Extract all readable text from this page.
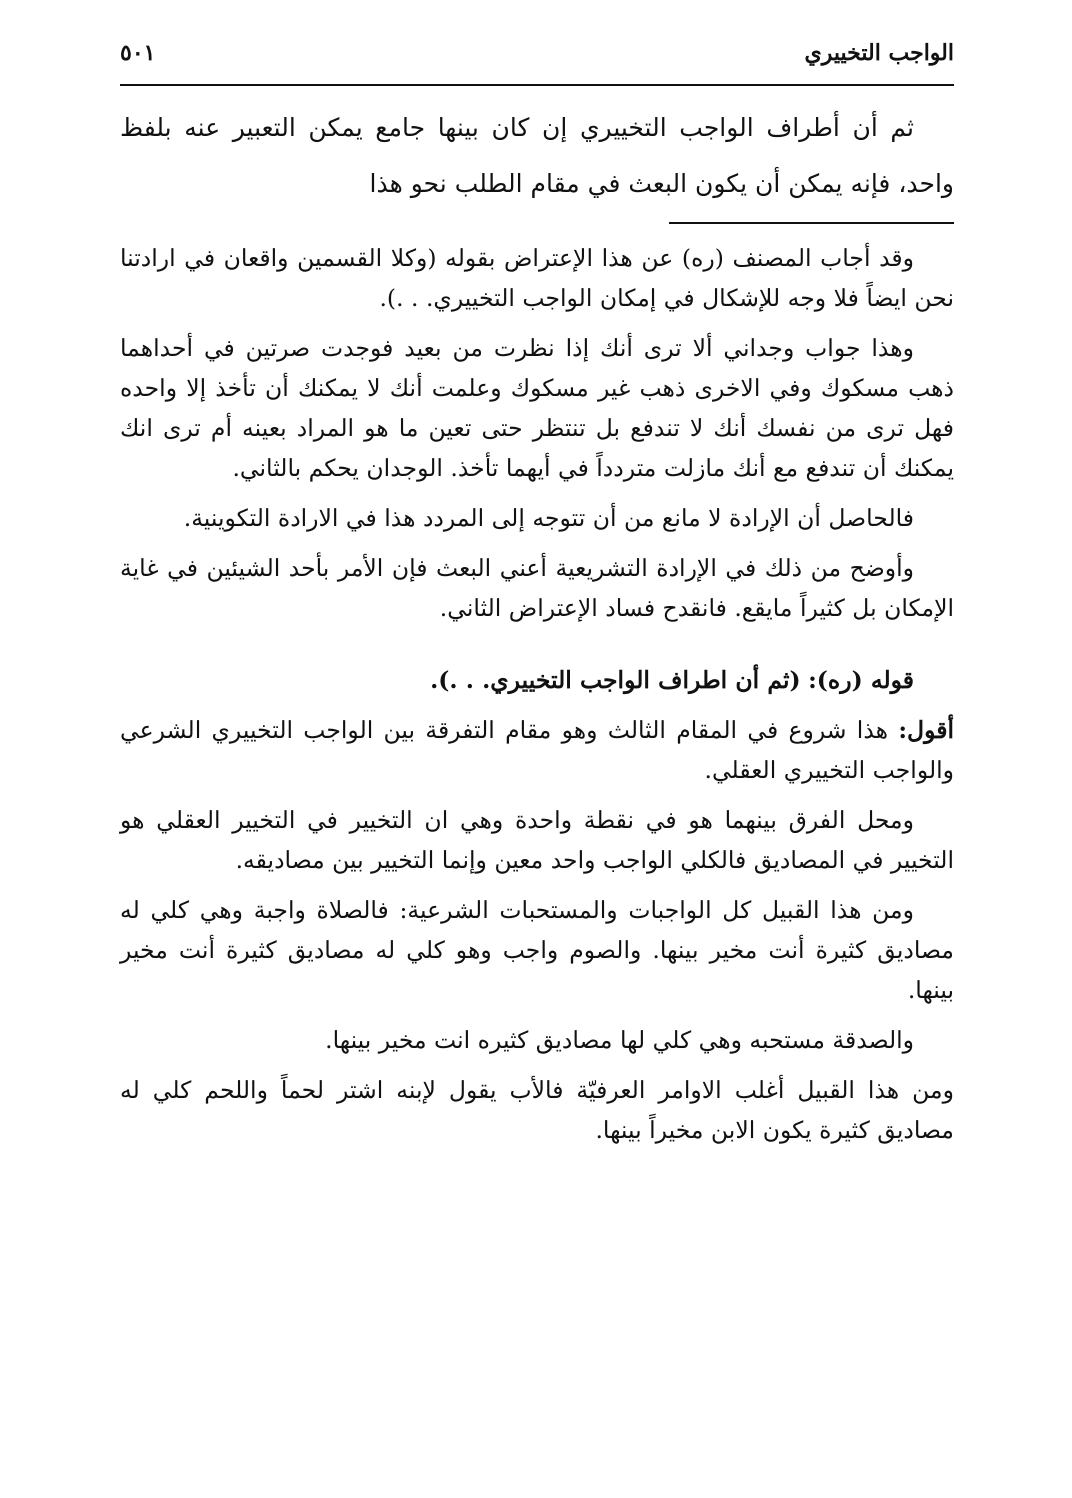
الواجب التخييري
٥٠١
ثم أن أطراف الواجب التخييري إن كان بينها جامع يمكن التعبير عنه بلفظ واحد، فإنه يمكن أن يكون البعث في مقام الطلب نحو هذا

وقد أجاب المصنف (ره) عن هذا الإعتراض بقوله (وكلا القسمين واقعان في ارادتنا نحن ايضاً فلا وجه للإشكال في إمكان الواجب التخييري. . .).

وهذا جواب وجداني ألا ترى أنك إذا نظرت من بعيد فوجدت صرتين في أحداهما ذهب مسكوك وفي الاخرى ذهب غير مسكوك وعلمت أنك لا يمكنك أن تأخذ إلا واحده فهل ترى من نفسك أنك لا تندفع بل تنتظر حتى تعين ما هو المراد بعينه أم ترى انك يمكنك أن تندفع مع أنك مازلت متردداً في أيهما تأخذ. الوجدان يحكم بالثاني.

فالحاصل أن الإرادة لا مانع من أن تتوجه إلى المردد هذا في الارادة التكوينية.

وأوضح من ذلك في الإرادة التشريعية أعني البعث فإن الأمر بأحد الشيئين في غاية الإمكان بل كثيراً مايقع. فانقدح فساد الإعتراض الثاني.

قوله (ره): (ثم أن اطراف الواجب التخييري. . .).

أقول: هذا شروع في المقام الثالث وهو مقام التفرقة بين الواجب التخييري الشرعي والواجب التخييري العقلي.

ومحل الفرق بينهما هو في نقطة واحدة وهي ان التخيير في التخيير العقلي هو التخيير في المصاديق فالكلي الواجب واحد معين وإنما التخيير بين مصاديقه.

ومن هذا القبيل كل الواجبات والمستحبات الشرعية: فالصلاة واجبة وهي كلي له مصاديق كثيرة أنت مخير بينها. والصوم واجب وهو كلي له مصاديق كثيرة أنت مخير بينها.

والصدقة مستحبه وهي كلي لها مصاديق كثيره انت مخير بينها.

ومن هذا القبيل أغلب الاوامر العرفيّة فالأب يقول لإبنه اشتر لحماً واللحم كلي له مصاديق كثيرة يكون الابن مخيراً بينها.
